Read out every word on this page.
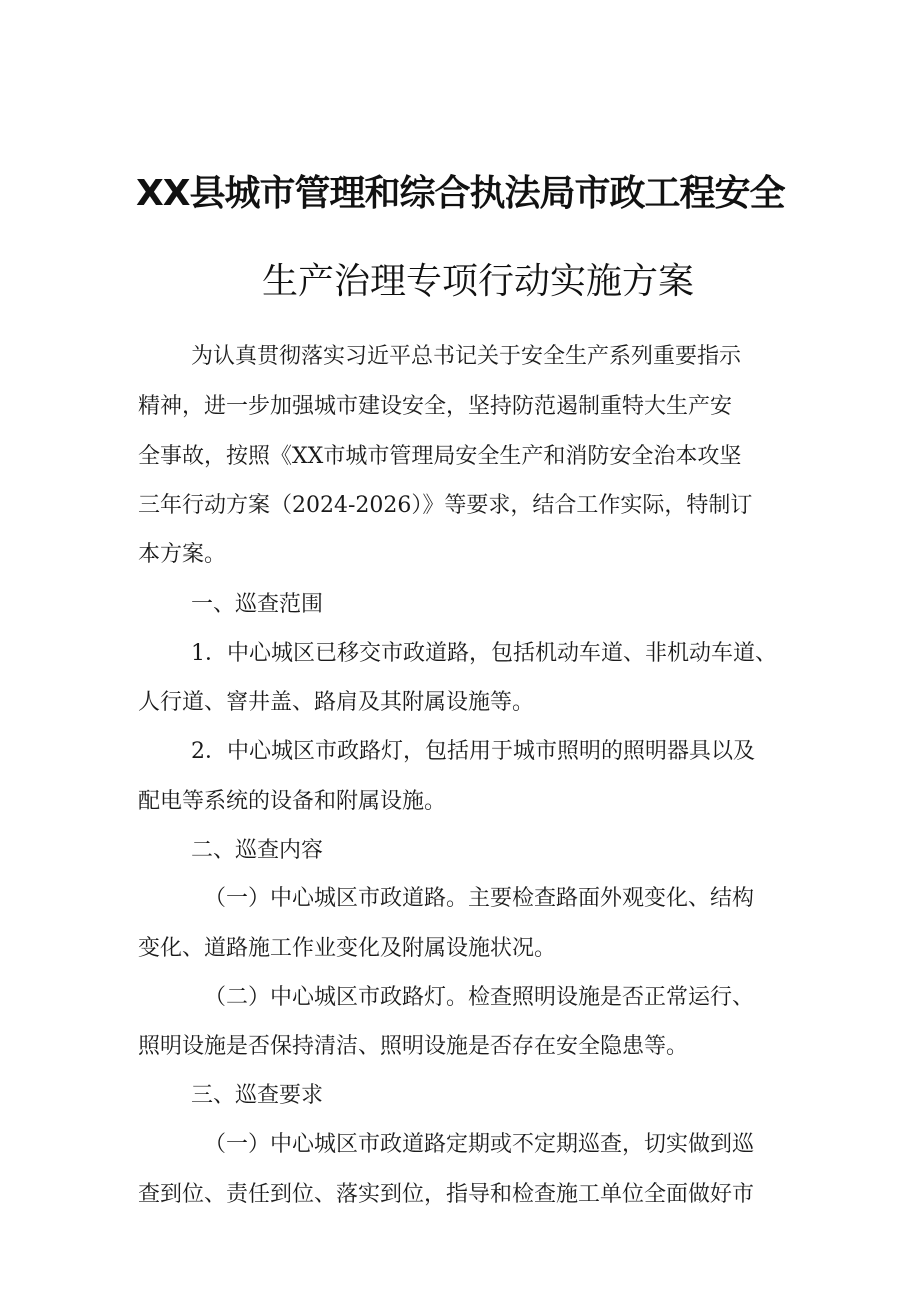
XX县城市管理和综合执法局市政工程安全
生产治理专项行动实施方案
为认真贯彻落实习近平总书记关于安全生产系列重要指示
精神，进一步加强城市建设安全，坚持防范遏制重特大生产安
全事故，按照《XX市城市管理局安全生产和消防安全治本攻坚
三年行动方案（2024-2026）》等要求，结合工作实际，特制订
本方案。
一、巡查范围
1．中心城区已移交市政道路，包括机动车道、非机动车道、
人行道、窨井盖、路肩及其附属设施等。
2．中心城区市政路灯，包括用于城市照明的照明器具以及
配电等系统的设备和附属设施。
二、巡查内容
（一）中心城区市政道路。主要检查路面外观变化、结构
变化、道路施工作业变化及附属设施状况。
（二）中心城区市政路灯。检查照明设施是否正常运行、
照明设施是否保持清洁、照明设施是否存在安全隐患等。
三、巡查要求
（一）中心城区市政道路定期或不定期巡查，切实做到巡
查到位、责任到位、落实到位，指导和检查施工单位全面做好市
